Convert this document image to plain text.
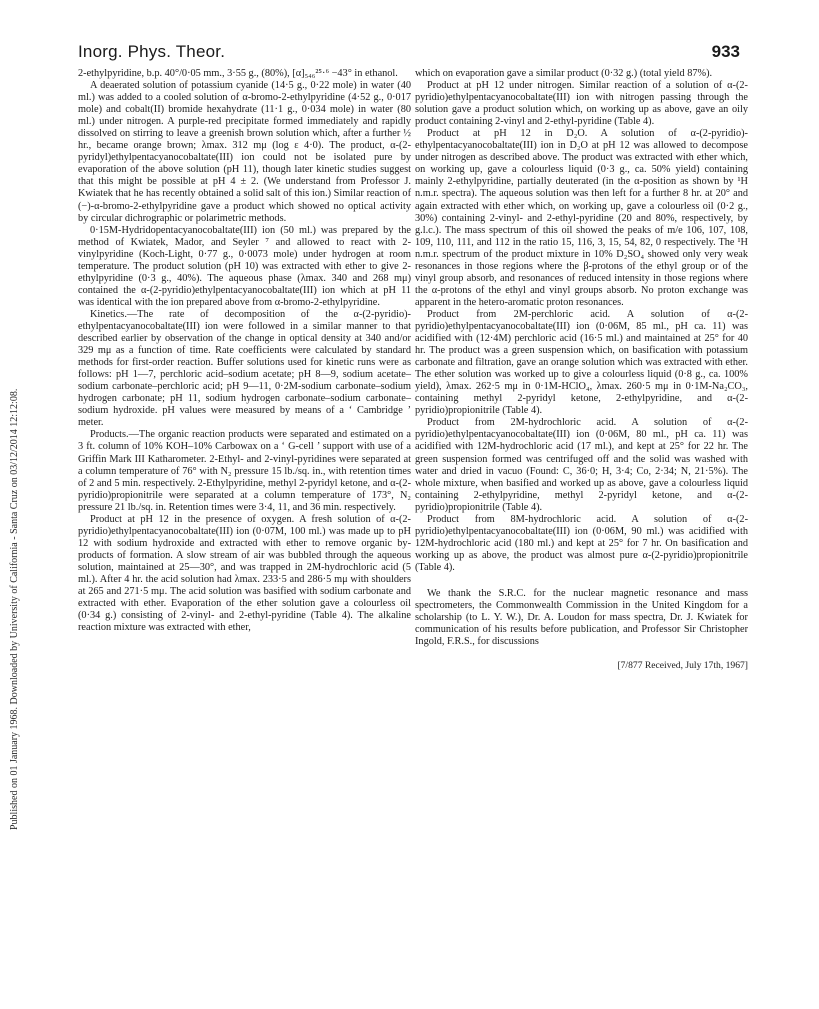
Inorg. Phys. Theor.	933
Published on 01 January 1968. Downloaded by University of California - Santa Cruz on 03/12/2014 12:12:08.

2-ethylpyridine, b.p. 40°/0·05 mm., 3·55 g., (80%), [α]₅₄₆²⁵·⁶ −43° in ethanol.

A deaerated solution of potassium cyanide (14·5 g., 0·22 mole) in water (40 ml.) was added to a cooled solution of α-bromo-2-ethylpyridine (4·52 g., 0·017 mole) and cobalt(II) bromide hexahydrate (11·1 g., 0·034 mole) in water (80 ml.) under nitrogen. A purple-red precipitate formed immediately and rapidly dissolved on stirring to leave a greenish brown solution which, after a further ½ hr., became orange brown; λmax. 312 mμ (log ε 4·0). The product, α-(2-pyridyl)ethylpentacyanocobaltate(III) ion could not be isolated pure by evaporation of the above solution (pH 11), though later kinetic studies suggest that this might be possible at pH 4 ± 2. (We understand from Professor J. Kwiatek that he has recently obtained a solid salt of this ion.) Similar reaction of (−)-α-bromo-2-ethylpyridine gave a product which showed no optical activity by circular dichrographic or polarimetric methods.

0·15M-Hydridopentacyanocobaltate(III) ion (50 ml.) was prepared by the method of Kwiatek, Mador, and Seyler ⁷ and allowed to react with 2-vinylpyridine (Koch-Light, 0·77 g., 0·0073 mole) under hydrogen at room temperature. The product solution (pH 10) was extracted with ether to give 2-ethylpyridine (0·3 g., 40%). The aqueous phase (λmax. 340 and 268 mμ) contained the α-(2-pyridio)ethylpentacyanocobaltate(III) ion which at pH 11 was identical with the ion prepared above from α-bromo-2-ethylpyridine.

Kinetics.—The rate of decomposition of the α-(2-pyridio)-ethylpentacyanocobaltate(III) ion were followed in a similar manner to that described earlier by observation of the change in optical density at 340 and/or 329 mμ as a function of time. Rate coefficients were calculated by standard methods for first-order reaction. Buffer solutions used for kinetic runs were as follows: pH 1—7, perchloric acid–sodium acetate; pH 8—9, sodium acetate–sodium carbonate–perchloric acid; pH 9—11, 0·2M-sodium carbonate–sodium hydrogen carbonate; pH 11, sodium hydrogen carbonate–sodium carbonate–sodium hydroxide. pH values were measured by means of a ‘ Cambridge ’ meter.

Products.—The organic reaction products were separated and estimated on a 3 ft. column of 10% KOH–10% Carbowax on a ‘ G-cell ’ support with use of a Griffin Mark III Katharometer. 2-Ethyl- and 2-vinyl-pyridines were separated at a column temperature of 76° with N₂ pressure 15 lb./sq. in., with retention times of 2 and 5 min. respectively. 2-Ethylpyridine, methyl 2-pyridyl ketone, and α-(2-pyridio)propionitrile were separated at a column temperature of 173°, N₂ pressure 21 lb./sq. in. Retention times were 3·4, 11, and 36 min. respectively.

Product at pH 12 in the presence of oxygen. A fresh solution of α-(2-pyridio)ethylpentacyanocobaltate(III) ion (0·07M, 100 ml.) was made up to pH 12 with sodium hydroxide and extracted with ether to remove organic by-products of formation. A slow stream of air was bubbled through the aqueous solution, maintained at 25—30°, and was trapped in 2M-hydrochloric acid (5 ml.). After 4 hr. the acid solution had λmax. 233·5 and 286·5 mμ with shoulders at 265 and 271·5 mμ. The acid solution was basified with sodium carbonate and extracted with ether. Evaporation of the ether solution gave a colourless oil (0·34 g.) consisting of 2-vinyl- and 2-ethyl-pyridine (Table 4). The alkaline reaction mixture was extracted with ether,

which on evaporation gave a similar product (0·32 g.) (total yield 87%).

Product at pH 12 under nitrogen. Similar reaction of a solution of α-(2-pyridio)ethylpentacyanocobaltate(III) ion with nitrogen passing through the solution gave a product solution which, on working up as above, gave an oily product containing 2-vinyl and 2-ethyl-pyridine (Table 4).

Product at pH 12 in D₂O. A solution of α-(2-pyridio)-ethylpentacyanocobaltate(III) ion in D₂O at pH 12 was allowed to decompose under nitrogen as described above. The product was extracted with ether which, on working up, gave a colourless liquid (0·3 g., ca. 50% yield) containing mainly 2-ethylpyridine, partially deuterated (in the α-position as shown by ¹H n.m.r. spectra). The aqueous solution was then left for a further 8 hr. at 20° and again extracted with ether which, on working up, gave a colourless oil (0·2 g., 30%) containing 2-vinyl- and 2-ethyl-pyridine (20 and 80%, respectively, by g.l.c.). The mass spectrum of this oil showed the peaks of m/e 106, 107, 108, 109, 110, 111, and 112 in the ratio 15, 116, 3, 15, 54, 82, 0 respectively. The ¹H n.m.r. spectrum of the product mixture in 10% D₂SO₄ showed only very weak resonances in those regions where the β-protons of the ethyl group or of the vinyl group absorb, and resonances of reduced intensity in those regions where the α-protons of the ethyl and vinyl groups absorb. No proton exchange was apparent in the hetero-aromatic proton resonances.

Product from 2M-perchloric acid. A solution of α-(2-pyridio)ethylpentacyanocobaltate(III) ion (0·06M, 85 ml., pH ca. 11) was acidified with (12·4M) perchloric acid (16·5 ml.) and maintained at 25° for 40 hr. The product was a green suspension which, on basification with potassium carbonate and filtration, gave an orange solution which was extracted with ether. The ether solution was worked up to give a colourless liquid (0·8 g., ca. 100% yield), λmax. 262·5 mμ in 0·1M-HClO₄, λmax. 260·5 mμ in 0·1M-Na₂CO₃, containing methyl 2-pyridyl ketone, 2-ethylpyridine, and α-(2-pyridio)propionitrile (Table 4).

Product from 2M-hydrochloric acid. A solution of α-(2-pyridio)ethylpentacyanocobaltate(III) ion (0·06M, 80 ml., pH ca. 11) was acidified with 12M-hydrochloric acid (17 ml.), and kept at 25° for 22 hr. The green suspension formed was centrifuged off and the solid was washed with water and dried in vacuo (Found: C, 36·0; H, 3·4; Co, 2·34; N, 21·5%). The whole mixture, when basified and worked up as above, gave a colourless liquid containing 2-ethylpyridine, methyl 2-pyridyl ketone, and α-(2-pyridio)propionitrile (Table 4).

Product from 8M-hydrochloric acid. A solution of α-(2-pyridio)ethylpentacyanocobaltate(III) ion (0·06M, 90 ml.) was acidified with 12M-hydrochloric acid (180 ml.) and kept at 25° for 7 hr. On basification and working up as above, the product was almost pure α-(2-pyridio)propionitrile (Table 4).

We thank the S.R.C. for the nuclear magnetic resonance and mass spectrometers, the Commonwealth Commission in the United Kingdom for a scholarship (to L. Y. W.), Dr. A. Loudon for mass spectra, Dr. J. Kwiatek for communication of his results before publication, and Professor Sir Christopher Ingold, F.R.S., for discussions

[7/877 Received, July 17th, 1967]
